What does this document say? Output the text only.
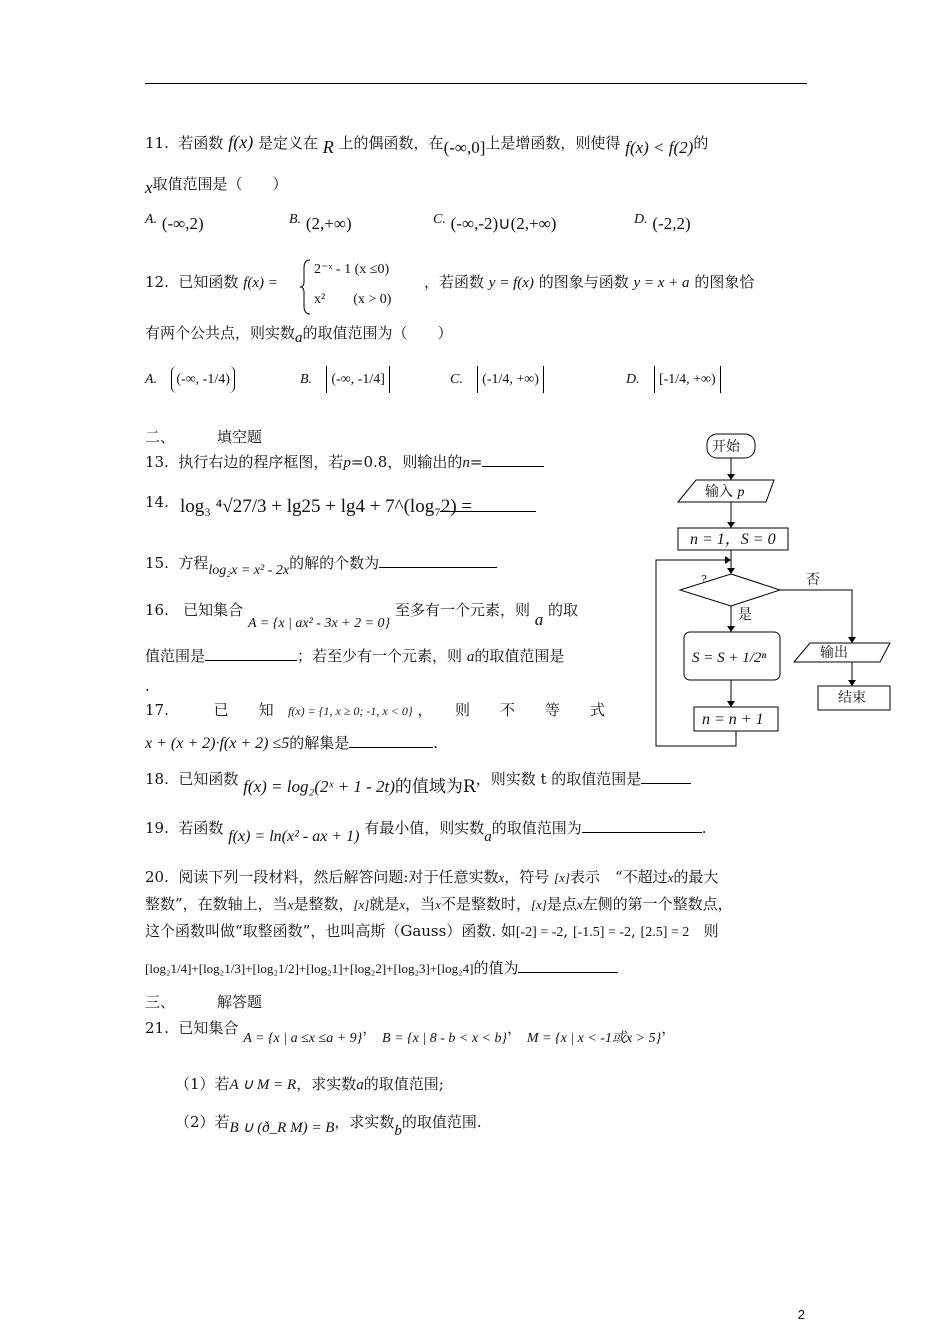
11. 若函数 f(x) 是定义在 R 上的偶函数，在(-∞,0]上是增函数，则使得 f(x) < f(2)的
x取值范围是（　　）
A. (-∞,2)	B. (2,+∞)	C. (-∞,-2)∪(2,+∞)	D. (-2,2)
12. 已知函数 f(x) =
2⁻ˣ - 1 (x ≤0)
x²　　(x > 0)
，若函数 y = f(x) 的图象与函数 y = x + a 的图象恰
有两个公共点，则实数a的取值范围为（　　）
A. (-∞, -1/4)	B. (-∞, -1/4]	C. (-1/4, +∞)	D. [-1/4, +∞)
二、	填空题
13. 执行右边的程序框图，若p=0.8，则输出的n=
14. log₃ ⁴√27/3 + lg25 + lg4 + 7^(log₇2) =
15. 方程log₂x = x² - 2x的解的个数为
16. 已知集合 A = {x | ax² - 3x + 2 = 0} 至多有一个元素，则 a 的取
值范围是	；若至少有一个元素，则 a的取值范围是
.
17.	已　　知 f(x) = {1, x ≥ 0; -1, x < 0} ，　　则　　不　　等　　式
x + (x + 2)·f(x + 2) ≤5的解集是	.
18. 已知函数 f(x) = log₂(2ˣ + 1 - 2t)的值域为R，则实数 t 的取值范围是
19. 若函数 f(x) = ln(x² - ax + 1) 有最小值，则实数a的取值范围为	.
20. 阅读下列一段材料，然后解答问题:对于任意实数x，符号 [x]表示　“不超过x的最大
整数”，在数轴上，当x是整数，[x]就是x，当x不是整数时，[x]是点x左侧的第一个整数点，
这个函数叫做“取整函数”，也叫高斯（Gauss）函数. 如[-2] = -2, [-1.5] = -2, [2.5] = 2 则
[log₂1/4]+[log₂1/3]+[log₂1/2]+[log₂1]+[log₂2]+[log₂3]+[log₂4]的值为
三、	解答题
21. 已知集合 A = {x | a ≤x ≤a + 9}， B = {x | 8 - b < x < b}， M = {x | x < -1或x > 5}，
（1）若A ∪ M = R，求实数a的取值范围;
（2）若B ∪ (ð_R M) = B，求实数b的取值范围.
开始
输入 p
n = 1，S = 0
?	否
是
S = S + 1/2ⁿ
n = n + 1
输出
结束
2
